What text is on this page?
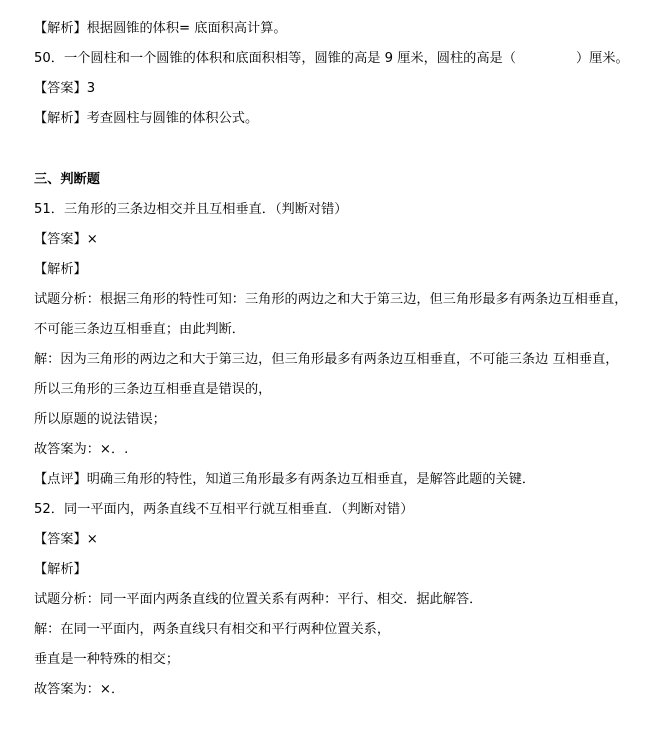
【解析】根据圆锥的体积= 底面积高计算。
50．一个圆柱和一个圆锥的体积和底面积相等，圆锥的高是 9 厘米，圆柱的高是（	）厘米。
【答案】3
【解析】考查圆柱与圆锥的体积公式。
三、判断题
51．三角形的三条边相交并且互相垂直．（判断对错）
【答案】×
【解析】
试题分析：根据三角形的特性可知：三角形的两边之和大于第三边，但三角形最多有两条边互相垂直，
不可能三条边互相垂直；由此判断．
解：因为三角形的两边之和大于第三边，但三角形最多有两条边互相垂直，不可能三条边 互相垂直，
所以三角形的三条边互相垂直是错误的，
所以原题的说法错误；
故答案为：×．.
【点评】明确三角形的特性，知道三角形最多有两条边互相垂直，是解答此题的关键．
52．同一平面内，两条直线不互相平行就互相垂直．（判断对错）
【答案】×
【解析】
试题分析：同一平面内两条直线的位置关系有两种：平行、相交．据此解答．
解：在同一平面内，两条直线只有相交和平行两种位置关系，
垂直是一种特殊的相交；
故答案为：×．
